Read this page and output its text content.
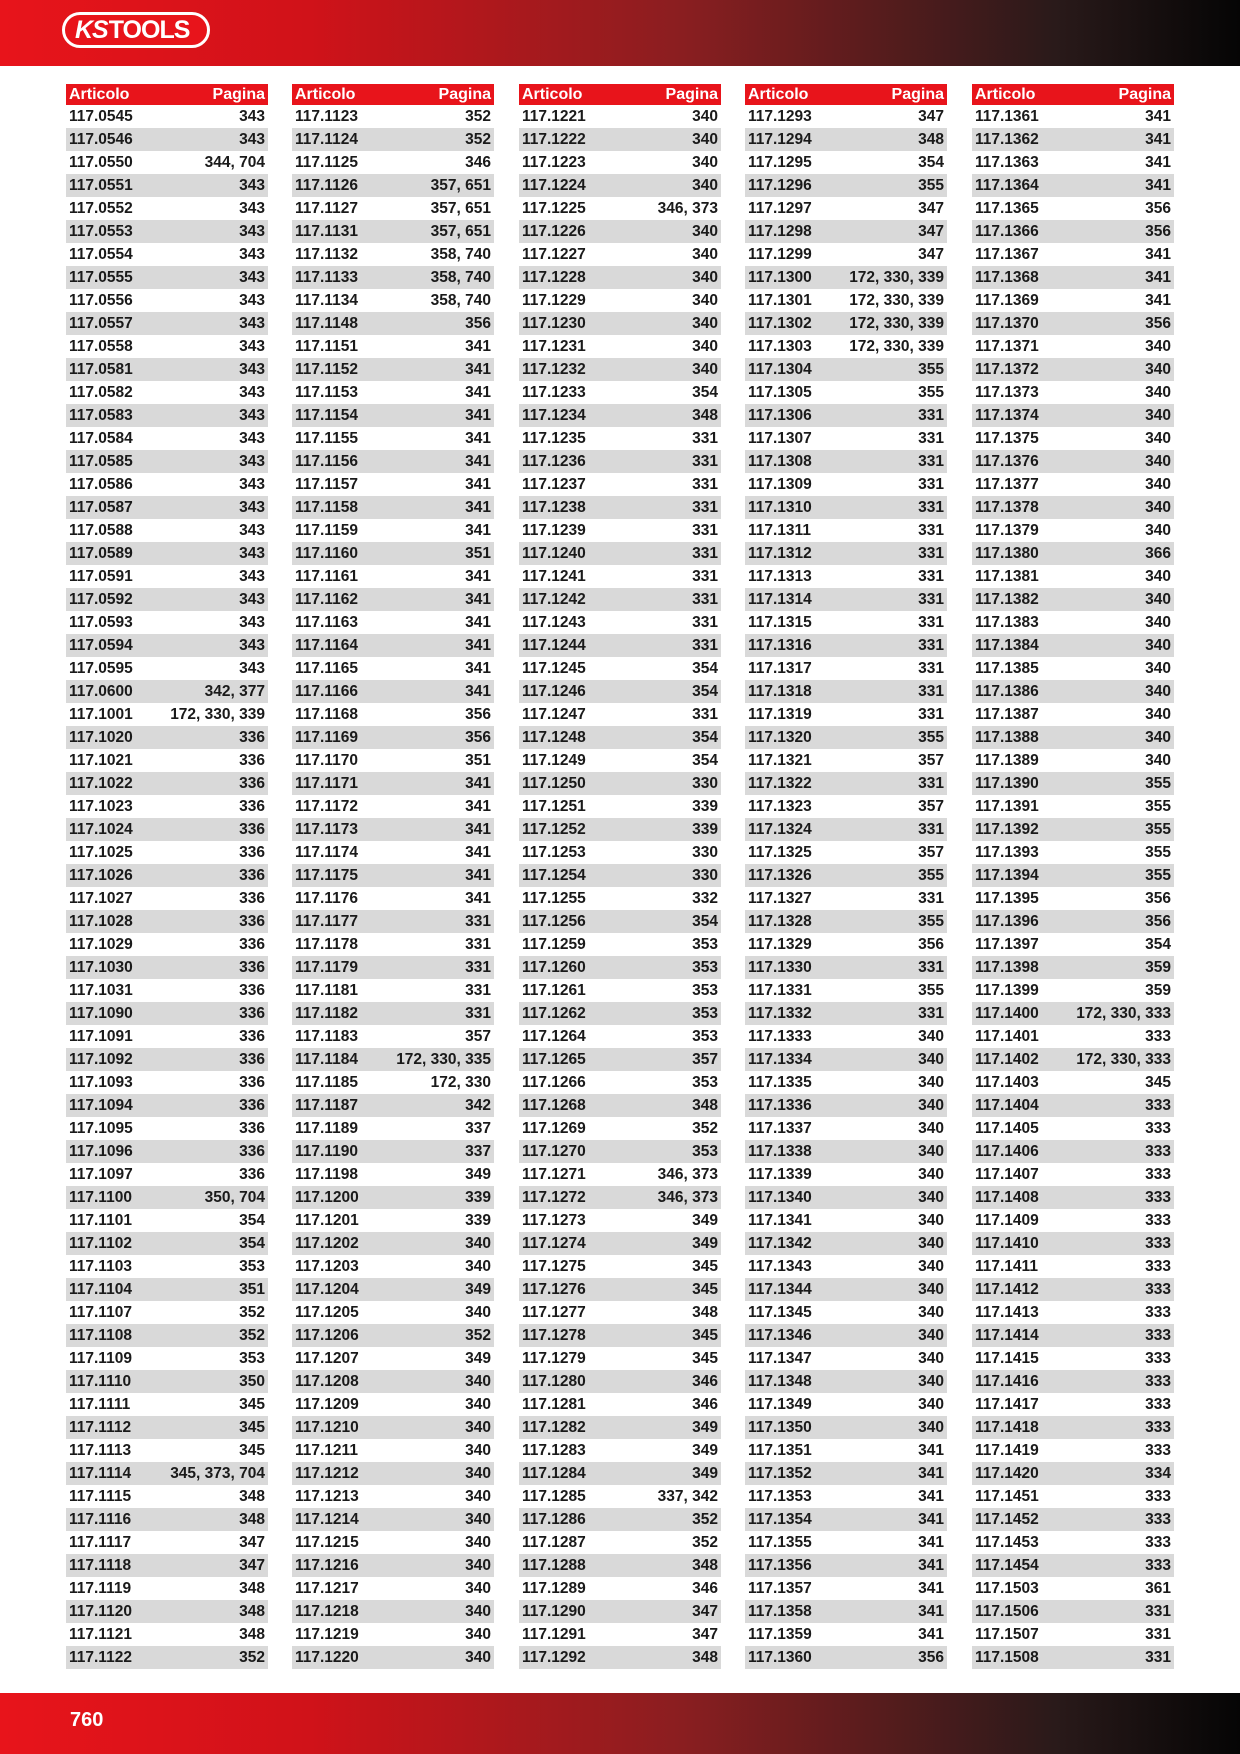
KS TOOLS
Articolo	Pagina
117.0545	343
117.0546	343
117.0550	344, 704
117.0551	343
117.0552	343
117.0553	343
117.0554	343
117.0555	343
117.0556	343
117.0557	343
117.0558	343
117.0581	343
117.0582	343
117.0583	343
117.0584	343
117.0585	343
117.0586	343
117.0587	343
117.0588	343
117.0589	343
117.0591	343
117.0592	343
117.0593	343
117.0594	343
117.0595	343
117.0600	342, 377
117.1001 172, 330, 339
117.1020	336
117.1021	336
117.1022	336
117.1023	336
117.1024	336
117.1025	336
117.1026	336
117.1027	336
117.1028	336
117.1029	336
117.1030	336
117.1031	336
117.1090	336
117.1091	336
117.1092	336
117.1093	336
117.1094	336
117.1095	336
117.1096	336
117.1097	336
117.1100	350, 704
117.1101	354
117.1102	354
117.1103	353
117.1104	351
117.1107	352
117.1108	352
117.1109	353
117.1110	350
117.1111	345
117.1112	345
117.1113	345
117.1114	345, 373, 704
117.1115	348
117.1116	348
117.1117	347
117.1118	347
117.1119	348
117.1120	348
117.1121	348
117.1122	352
Articolo	Pagina
117.1123	352
117.1124	352
117.1125	346
117.1126	357, 651
117.1127	357, 651
117.1131	357, 651
117.1132	358, 740
117.1133	358, 740
117.1134	358, 740
117.1148	356
117.1151	341
117.1152	341
117.1153	341
117.1154	341
117.1155	341
117.1156	341
117.1157	341
117.1158	341
117.1159	341
117.1160	351
117.1161	341
117.1162	341
117.1163	341
117.1164	341
117.1165	341
117.1166	341
117.1168	356
117.1169	356
117.1170	351
117.1171	341
117.1172	341
117.1173	341
117.1174	341
117.1175	341
117.1176	341
117.1177	331
117.1178	331
117.1179	331
117.1181	331
117.1182	331
117.1183	357
117.1184 172, 330, 335
117.1185	172, 330
117.1187	342
117.1189	337
117.1190	337
117.1198	349
117.1200	339
117.1201	339
117.1202	340
117.1203	340
117.1204	349
117.1205	340
117.1206	352
117.1207	349
117.1208	340
117.1209	340
117.1210	340
117.1211	340
117.1212	340
117.1213	340
117.1214	340
117.1215	340
117.1216	340
117.1217	340
117.1218	340
117.1219	340
117.1220	340
Articolo	Pagina
117.1221	340
117.1222	340
117.1223	340
117.1224	340
117.1225	346, 373
117.1226	340
117.1227	340
117.1228	340
117.1229	340
117.1230	340
117.1231	340
117.1232	340
117.1233	354
117.1234	348
117.1235	331
117.1236	331
117.1237	331
117.1238	331
117.1239	331
117.1240	331
117.1241	331
117.1242	331
117.1243	331
117.1244	331
117.1245	354
117.1246	354
117.1247	331
117.1248	354
117.1249	354
117.1250	330
117.1251	339
117.1252	339
117.1253	330
117.1254	330
117.1255	332
117.1256	354
117.1259	353
117.1260	353
117.1261	353
117.1262	353
117.1264	353
117.1265	357
117.1266	353
117.1268	348
117.1269	352
117.1270	353
117.1271	346, 373
117.1272	346, 373
117.1273	349
117.1274	349
117.1275	345
117.1276	345
117.1277	348
117.1278	345
117.1279	345
117.1280	346
117.1281	346
117.1282	349
117.1283	349
117.1284	349
117.1285	337, 342
117.1286	352
117.1287	352
117.1288	348
117.1289	346
117.1290	347
117.1291	347
117.1292	348
Articolo	Pagina
117.1293	347
117.1294	348
117.1295	354
117.1296	355
117.1297	347
117.1298	347
117.1299	347
117.1300 172, 330, 339
117.1301 172, 330, 339
117.1302 172, 330, 339
117.1303 172, 330, 339
117.1304	355
117.1305	355
117.1306	331
117.1307	331
117.1308	331
117.1309	331
117.1310	331
117.1311	331
117.1312	331
117.1313	331
117.1314	331
117.1315	331
117.1316	331
117.1317	331
117.1318	331
117.1319	331
117.1320	355
117.1321	357
117.1322	331
117.1323	357
117.1324	331
117.1325	357
117.1326	355
117.1327	331
117.1328	355
117.1329	356
117.1330	331
117.1331	355
117.1332	331
117.1333	340
117.1334	340
117.1335	340
117.1336	340
117.1337	340
117.1338	340
117.1339	340
117.1340	340
117.1341	340
117.1342	340
117.1343	340
117.1344	340
117.1345	340
117.1346	340
117.1347	340
117.1348	340
117.1349	340
117.1350	340
117.1351	341
117.1352	341
117.1353	341
117.1354	341
117.1355	341
117.1356	341
117.1357	341
117.1358	341
117.1359	341
117.1360	356
Articolo	Pagina
117.1361	341
117.1362	341
117.1363	341
117.1364	341
117.1365	356
117.1366	356
117.1367	341
117.1368	341
117.1369	341
117.1370	356
117.1371	340
117.1372	340
117.1373	340
117.1374	340
117.1375	340
117.1376	340
117.1377	340
117.1378	340
117.1379	340
117.1380	366
117.1381	340
117.1382	340
117.1383	340
117.1384	340
117.1385	340
117.1386	340
117.1387	340
117.1388	340
117.1389	340
117.1390	355
117.1391	355
117.1392	355
117.1393	355
117.1394	355
117.1395	356
117.1396	356
117.1397	354
117.1398	359
117.1399	359
117.1400 172, 330, 333
117.1401	333
117.1402 172, 330, 333
117.1403	345
117.1404	333
117.1405	333
117.1406	333
117.1407	333
117.1408	333
117.1409	333
117.1410	333
117.1411	333
117.1412	333
117.1413	333
117.1414	333
117.1415	333
117.1416	333
117.1417	333
117.1418	333
117.1419	333
117.1420	334
117.1451	333
117.1452	333
117.1453	333
117.1454	333
117.1503	361
117.1506	331
117.1507	331
117.1508	331
760
